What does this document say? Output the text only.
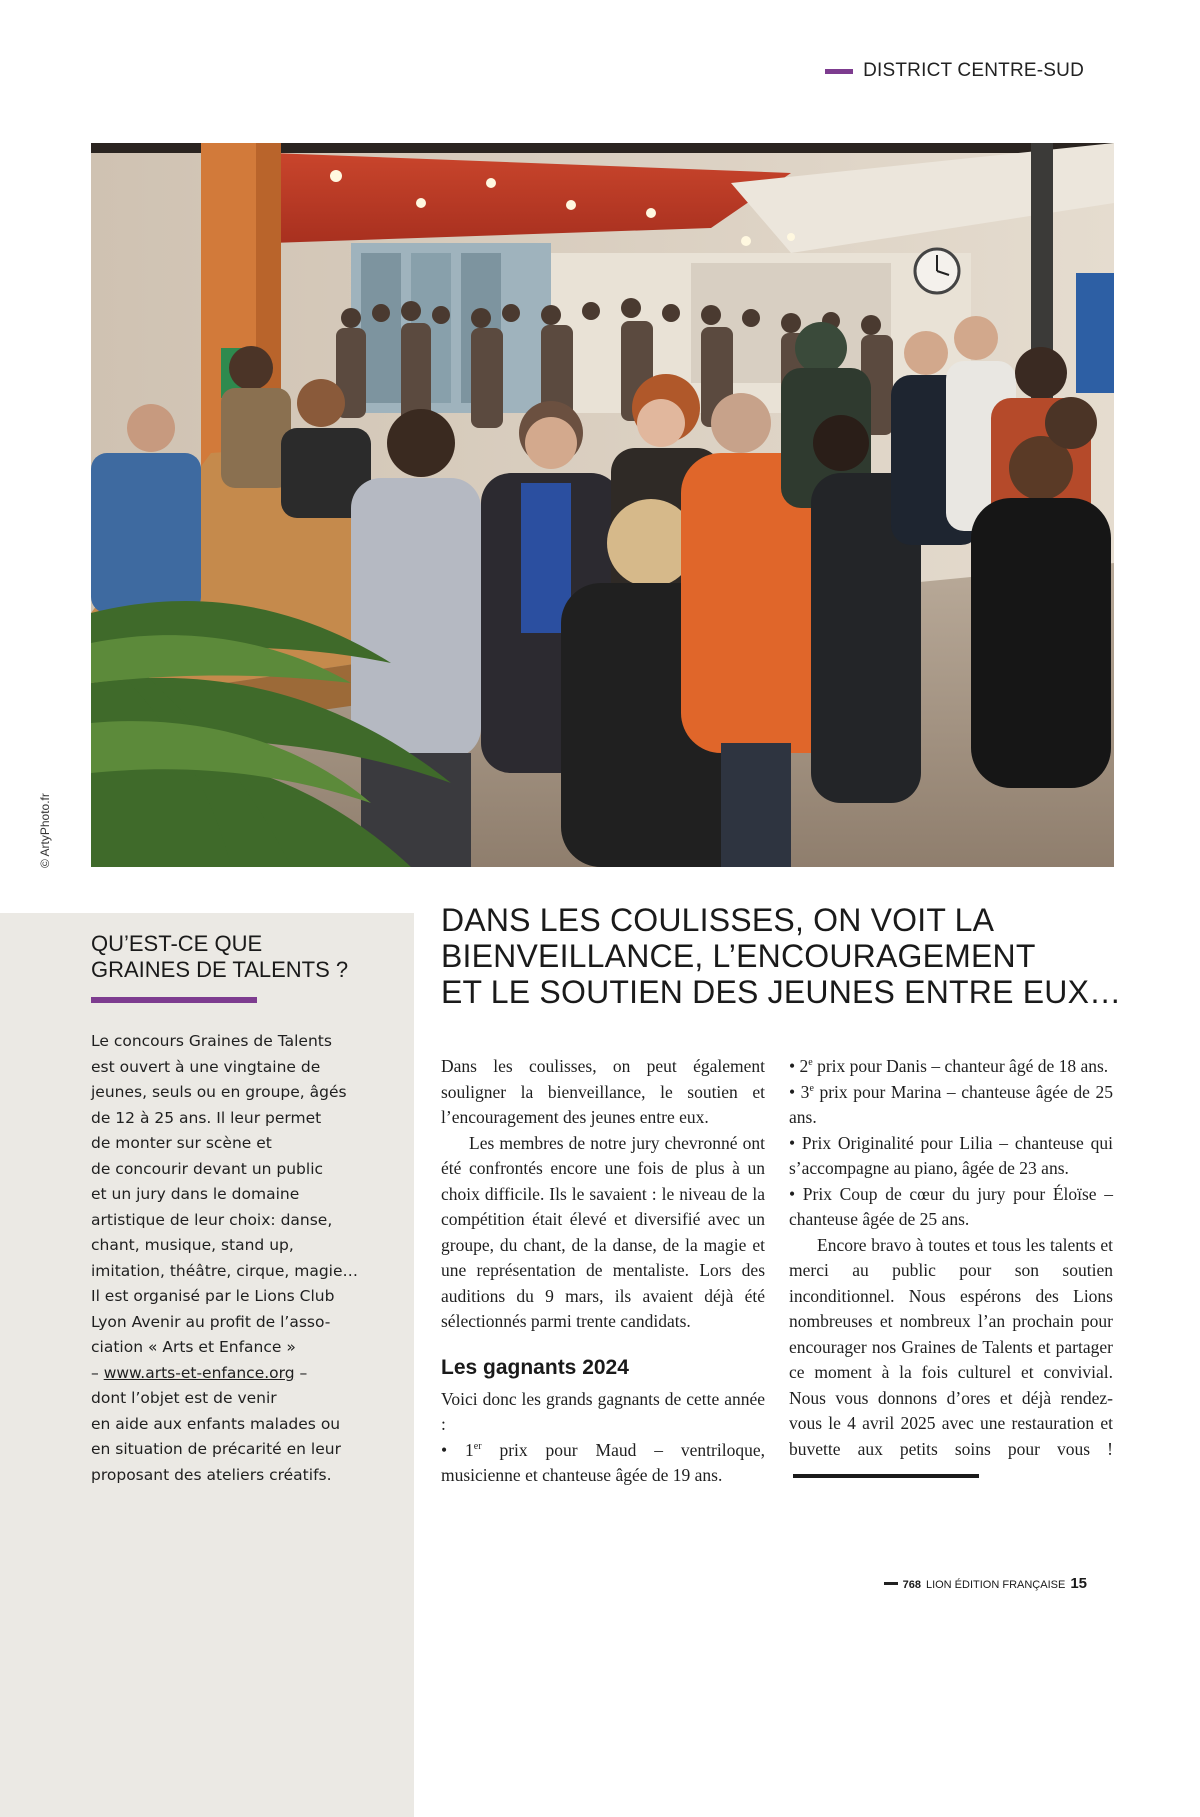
DISTRICT CENTRE-SUD
© ArtyPhoto.fr
QU’EST-CE QUE
GRAINES DE TALENTS ?

Le concours Graines de Talents
est ouvert à une vingtaine de
jeunes, seuls ou en groupe, âgés
de 12 à 25 ans. Il leur permet
de monter sur scène et
de concourir devant un public
et un jury dans le domaine
artistique de leur choix: danse,
chant, musique, stand up,
imitation, théâtre, cirque, magie…
Il est organisé par le Lions Club
Lyon Avenir au profit de l’asso-
ciation « Arts et Enfance »
– www.arts-et-enfance.org –
dont l’objet est de venir
en aide aux enfants malades ou
en situation de précarité en leur
proposant des ateliers créatifs.

DANS LES COULISSES, ON VOIT LA
BIENVEILLANCE, L’ENCOURAGEMENT
ET LE SOUTIEN DES JEUNES ENTRE EUX…

Dans les coulisses, on peut également souligner la bienveillance, le soutien et l’encouragement des jeunes entre eux.

Les membres de notre jury chevronné ont été confrontés encore une fois de plus à un choix difficile. Ils le savaient : le niveau de la compétition était élevé et diversifié avec un groupe, du chant, de la danse, de la magie et une représentation de mentaliste. Lors des auditions du 9 mars, ils avaient déjà été sélectionnés parmi trente candidats.

Les gagnants 2024

Voici donc les grands gagnants de cette année :

• 1er prix pour Maud – ventriloque, musicienne et chanteuse âgée de 19 ans.

• 2e prix pour Danis – chanteur âgé de 18 ans.

• 3e prix pour Marina – chanteuse âgée de 25 ans.

• Prix Originalité pour Lilia – chanteuse qui s’accompagne au piano, âgée de 23 ans.

• Prix Coup de cœur du jury pour Éloïse – chanteuse âgée de 25 ans.

Encore bravo à toutes et tous les talents et merci au public pour son soutien inconditionnel. Nous espérons des Lions nombreuses et nombreux l’an prochain pour encourager nos Graines de Talents et partager ce moment à la fois culturel et convivial. Nous vous donnons d’ores et déjà rendez-vous le 4 avril 2025 avec une restauration et buvette aux petits soins pour vous !

768 LION ÉDITION FRANÇAISE 15
